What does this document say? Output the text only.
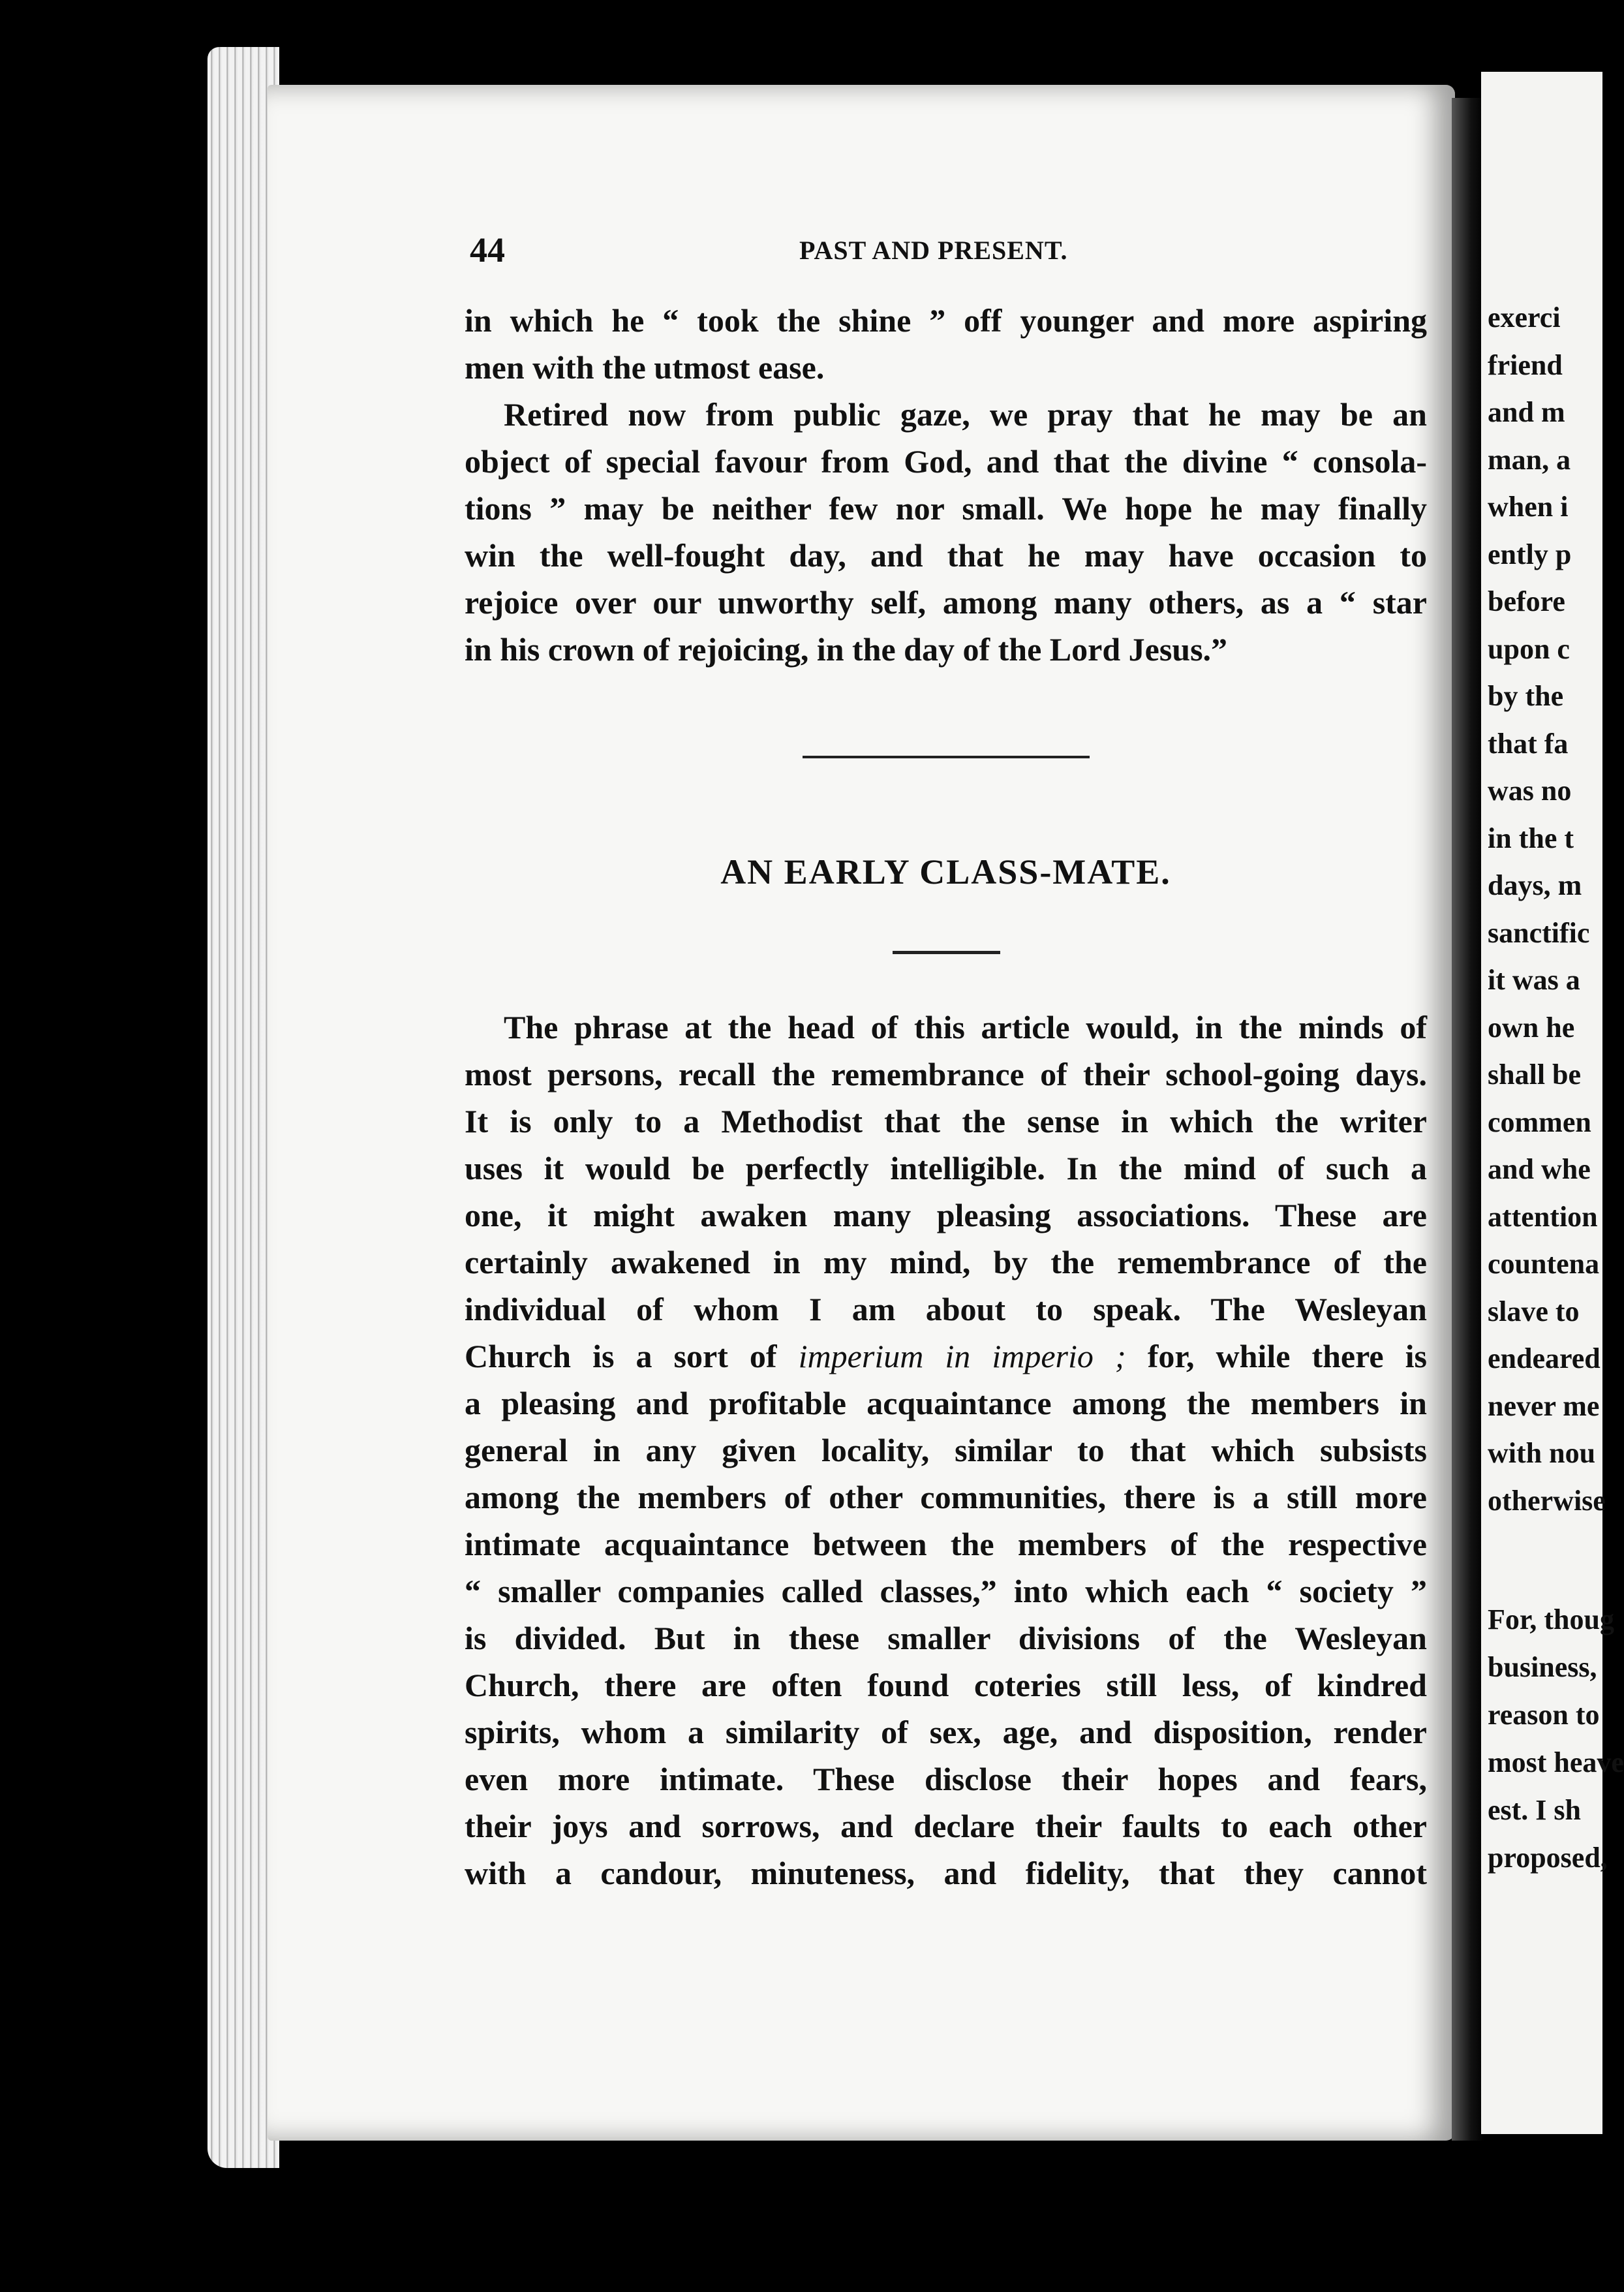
exerci
friend
and m
man, a
when i
ently p
before
upon c
by the
that fa
was no
in the t
days, m
sanctific
it was a
own he
shall be
commen
and whe
attention
countena
slave to
endeared
never me
with nou
otherwise
For, thoug
business,
reason to
most heave
est. I sh
proposed,
44	PAST AND PRESENT.
in which he “ took the shine ” off younger and more aspiring
men with the utmost ease.
Retired now from public gaze, we pray that he may be an
object of special favour from God, and that the divine “ consola-
tions ” may be neither few nor small. We hope he may finally
win the well-fought day, and that he may have occasion to
rejoice over our unworthy self, among many others, as a “ star
in his crown of rejoicing, in the day of the Lord Jesus.”
AN EARLY CLASS-MATE.
The phrase at the head of this article would, in the minds of
most persons, recall the remembrance of their school-going days.
It is only to a Methodist that the sense in which the writer
uses it would be perfectly intelligible. In the mind of such a
one, it might awaken many pleasing associations. These are
certainly awakened in my mind, by the remembrance of the
individual of whom I am about to speak. The Wesleyan
Church is a sort of imperium in imperio ; for, while there is
a pleasing and profitable acquaintance among the members in
general in any given locality, similar to that which subsists
among the members of other communities, there is a still more
intimate acquaintance between the members of the respective
“ smaller companies called classes,” into which each “ society ”
is divided. But in these smaller divisions of the Wesleyan
Church, there are often found coteries still less, of kindred
spirits, whom a similarity of sex, age, and disposition, render
even more intimate. These disclose their hopes and fears,
their joys and sorrows, and declare their faults to each other
with a candour, minuteness, and fidelity, that they cannot
